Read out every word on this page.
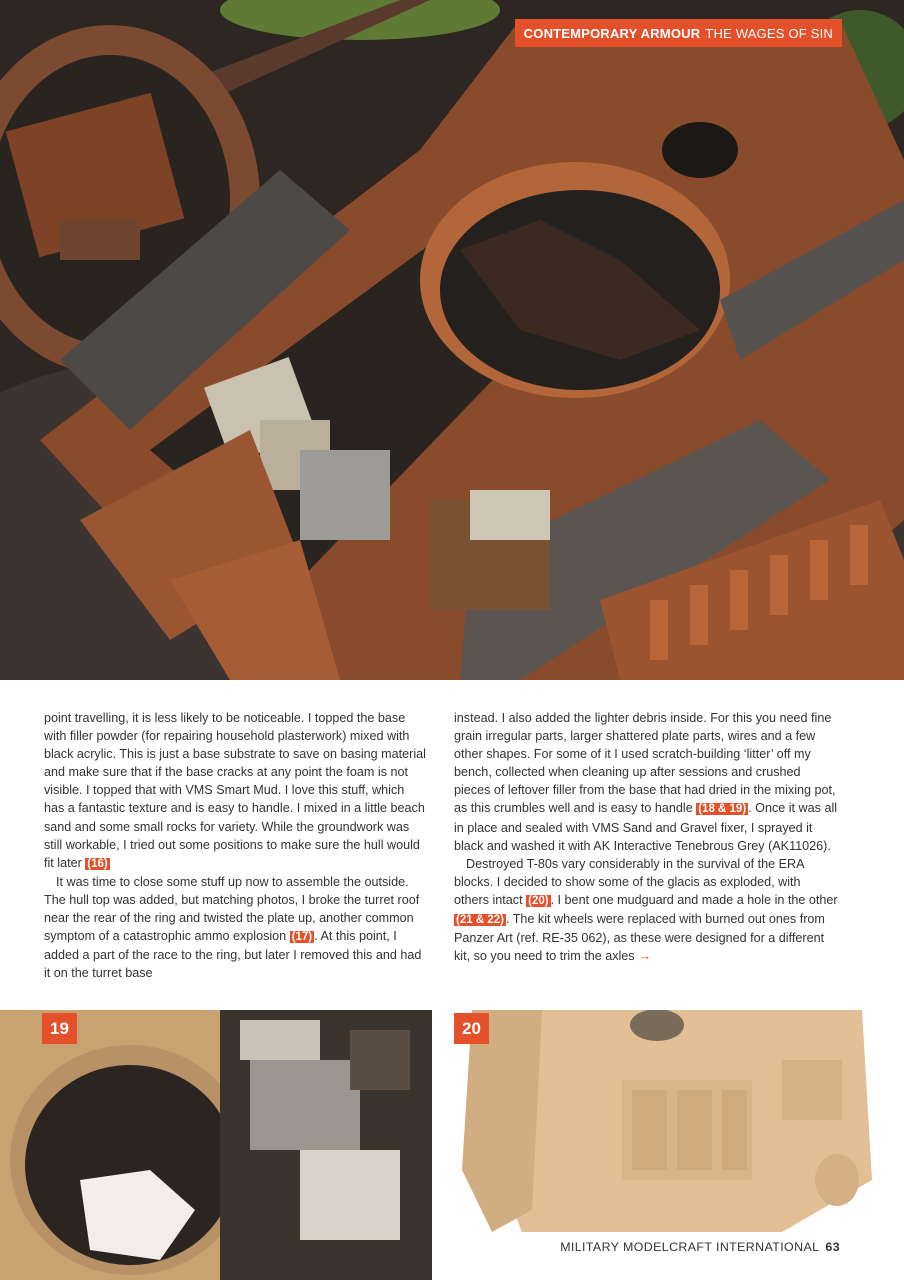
CONTEMPORARY ARMOUR THE WAGES OF SIN

point travelling, it is less likely to be noticeable. I topped the base with filler powder (for repairing household plasterwork) mixed with black acrylic. This is just a base substrate to save on basing material and make sure that if the base cracks at any point the foam is not visible. I topped that with VMS Smart Mud. I love this stuff, which has a fantastic texture and is easy to handle. I mixed in a little beach sand and some small rocks for variety. While the groundwork was still workable, I tried out some positions to make sure the hull would fit later (16)

It was time to close some stuff up now to assemble the outside. The hull top was added, but matching photos, I broke the turret roof near the rear of the ring and twisted the plate up, another common symptom of a catastrophic ammo explosion (17) . At this point, I added a part of the race to the ring, but later I removed this and had it on the turret base

instead. I also added the lighter debris inside. For this you need fine grain irregular parts, larger shattered plate parts, wires and a few other shapes. For some of it I used scratch-building ‘litter’ off my bench, collected when cleaning up after sessions and crushed pieces of leftover filler from the base that had dried in the mixing pot, as this crumbles well and is easy to handle (18 & 19) . Once it was all in place and sealed with VMS Sand and Gravel fixer, I sprayed it black and washed it with AK Interactive Tenebrous Grey (AK11026).

Destroyed T-80s vary considerably in the survival of the ERA blocks. I decided to show some of the glacis as exploded, with others intact (20) . I bent one mudguard and made a hole in the other (21 & 22) . The kit wheels were replaced with burned out ones from Panzer Art (ref. RE-35 062), as these were designed for a different kit, so you need to trim the axles →

19	20
MILITARY MODELCRAFT INTERNATIONAL 63
